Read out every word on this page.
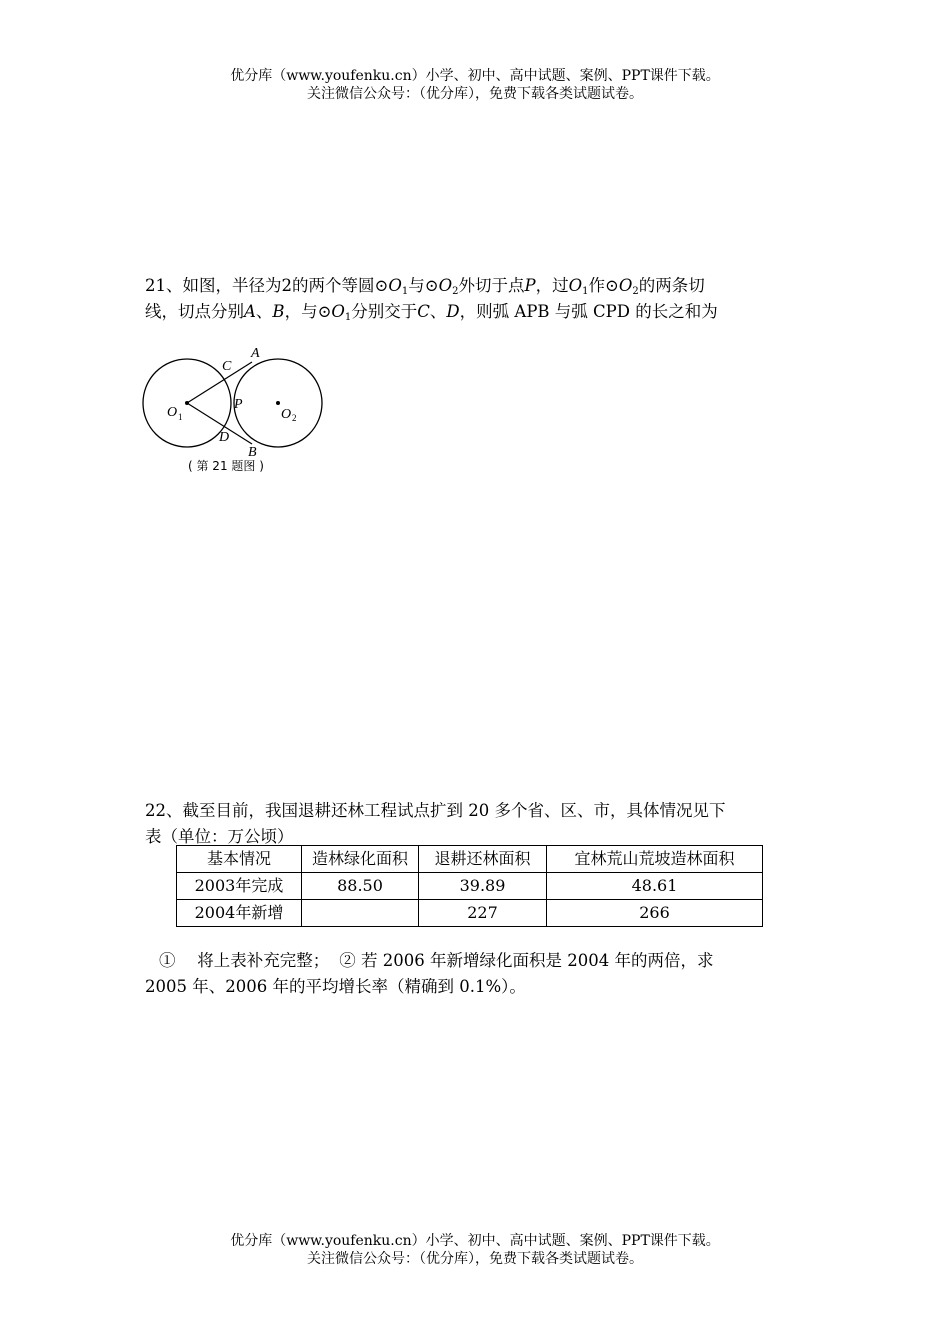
优分库（www.youfenku.cn）小学、初中、高中试题、案例、PPT课件下载。
关注微信公众号：（优分库），免费下载各类试题试卷。
21、如图，半径为2的两个等圆$⊙O_1$与$⊙O_2$外切于点P，过$O_1$作$⊙O_2$的两条切
线，切点分别A、B，与$⊙O_1$分别交于C、D，则弧 APB 与弧 CPD 的长之和为
A
C
P
D
B
O	O
1	2
( 第 21 题图 )
22、截至目前，我国退耕还林工程试点扩到 20 多个省、区、市，具体情况见下
表（单位：万公顷）
基本情况	造林绿化面积	退耕还林面积	宜林荒山荒坡造林面积
2003年完成	88.50	39.89	48.61
2004年新增		227	266
①　 将上表补充完整； ② 若 2006 年新增绿化面积是 2004 年的两倍，求
2005 年、2006 年的平均增长率（精确到 0.1%）。
优分库（www.youfenku.cn）小学、初中、高中试题、案例、PPT课件下载。
关注微信公众号：（优分库），免费下载各类试题试卷。
